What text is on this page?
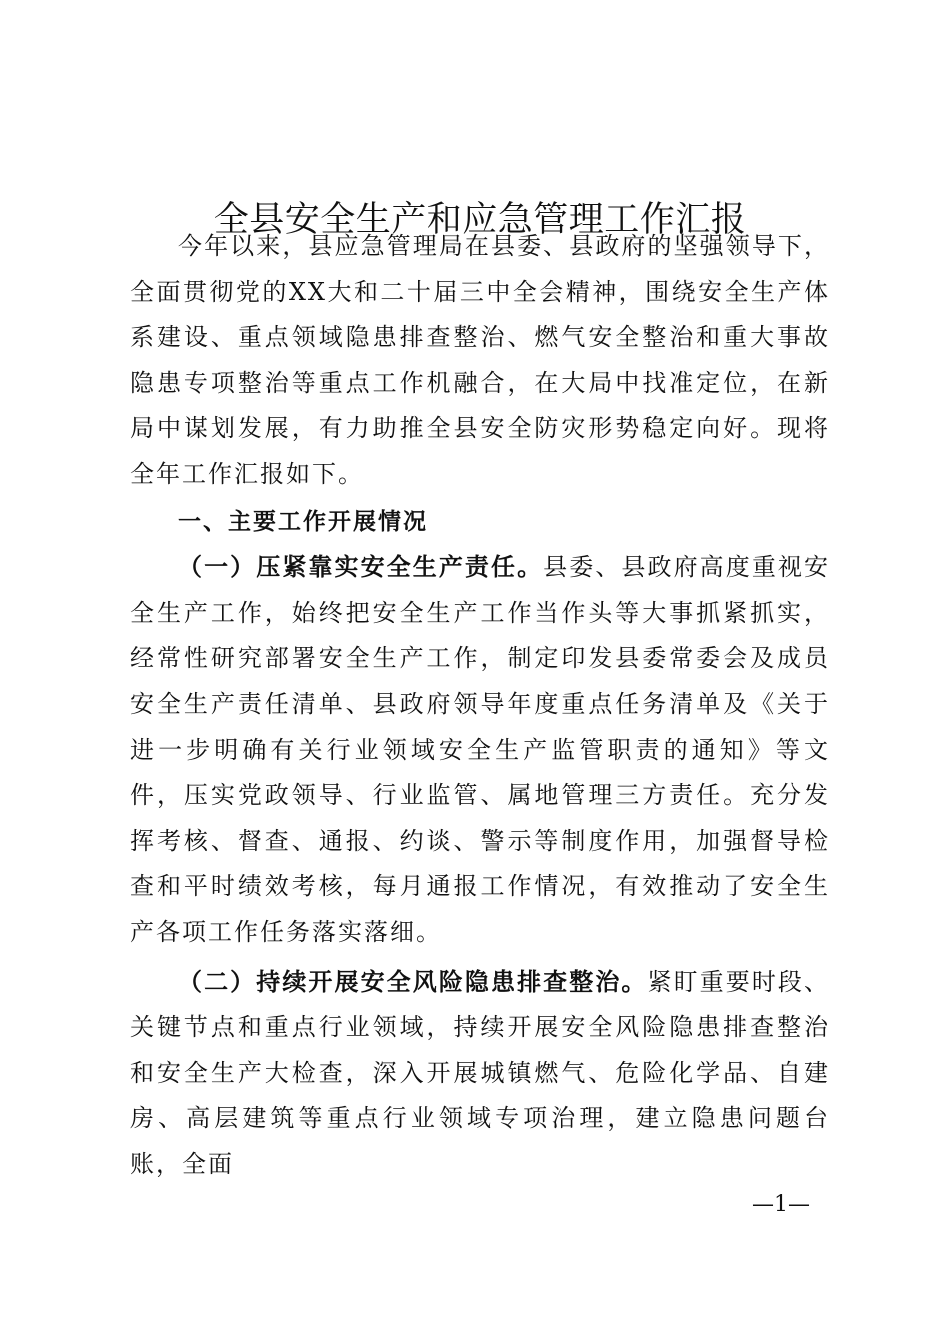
全县安全生产和应急管理工作汇报

今年以来，县应急管理局在县委、县政府的坚强领导下，全面贯彻党的XX大和二十届三中全会精神，围绕安全生产体系建设、重点领域隐患排查整治、燃气安全整治和重大事故隐患专项整治等重点工作机融合，在大局中找准定位，在新局中谋划发展，有力助推全县安全防灾形势稳定向好。现将全年工作汇报如下。

一、主要工作开展情况

（一）压紧靠实安全生产责任。县委、县政府高度重视安全生产工作，始终把安全生产工作当作头等大事抓紧抓实，经常性研究部署安全生产工作，制定印发县委常委会及成员安全生产责任清单、县政府领导年度重点任务清单及《关于进一步明确有关行业领域安全生产监管职责的通知》等文件，压实党政领导、行业监管、属地管理三方责任。充分发挥考核、督查、通报、约谈、警示等制度作用，加强督导检查和平时绩效考核，每月通报工作情况，有效推动了安全生产各项工作任务落实落细。

（二）持续开展安全风险隐患排查整治。紧盯重要时段、关键节点和重点行业领域，持续开展安全风险隐患排查整治和安全生产大检查，深入开展城镇燃气、危险化学品、自建房、高层建筑等重点行业领域专项治理，建立隐患问题台账，全面

—1—
